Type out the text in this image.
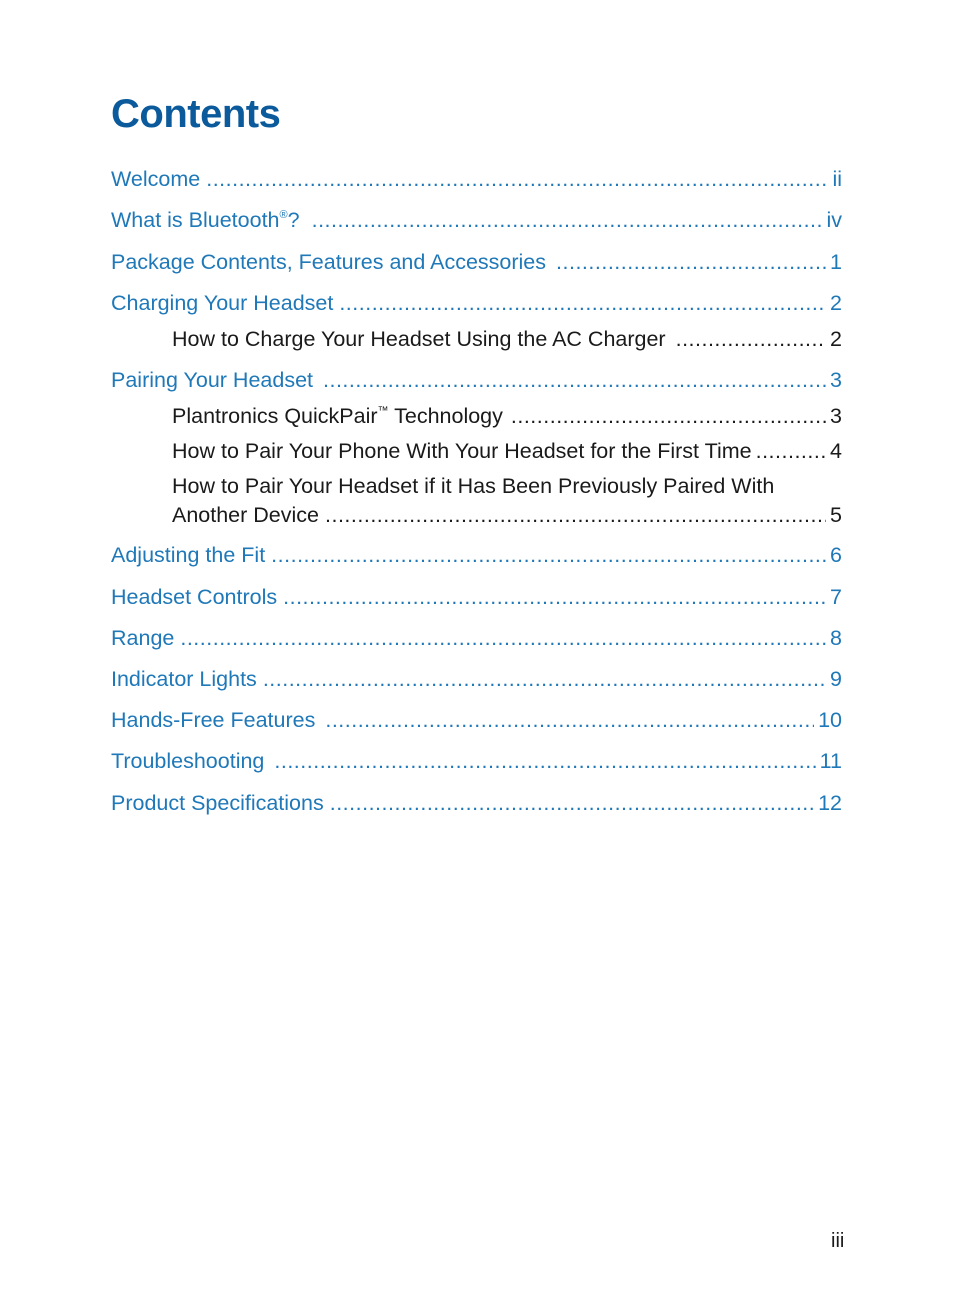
Contents
Welcome .....	ii
What is Bluetooth®? .....	iv
Package Contents, Features and Accessories .....	1
Charging Your Headset .....	2
How to Charge Your Headset Using the AC Charger .....	2
Pairing Your Headset .....	3
Plantronics QuickPair™ Technology .....	3
How to Pair Your Phone With Your Headset for the First Time .....	4
How to Pair Your Headset if it Has Been Previously Paired With
Another Device .....	5
Adjusting the Fit .....	6
Headset Controls .....	7
Range .....	8
Indicator Lights .....	9
Hands-Free Features .....	10
Troubleshooting .....	11
Product Specifications .....	12
iii
